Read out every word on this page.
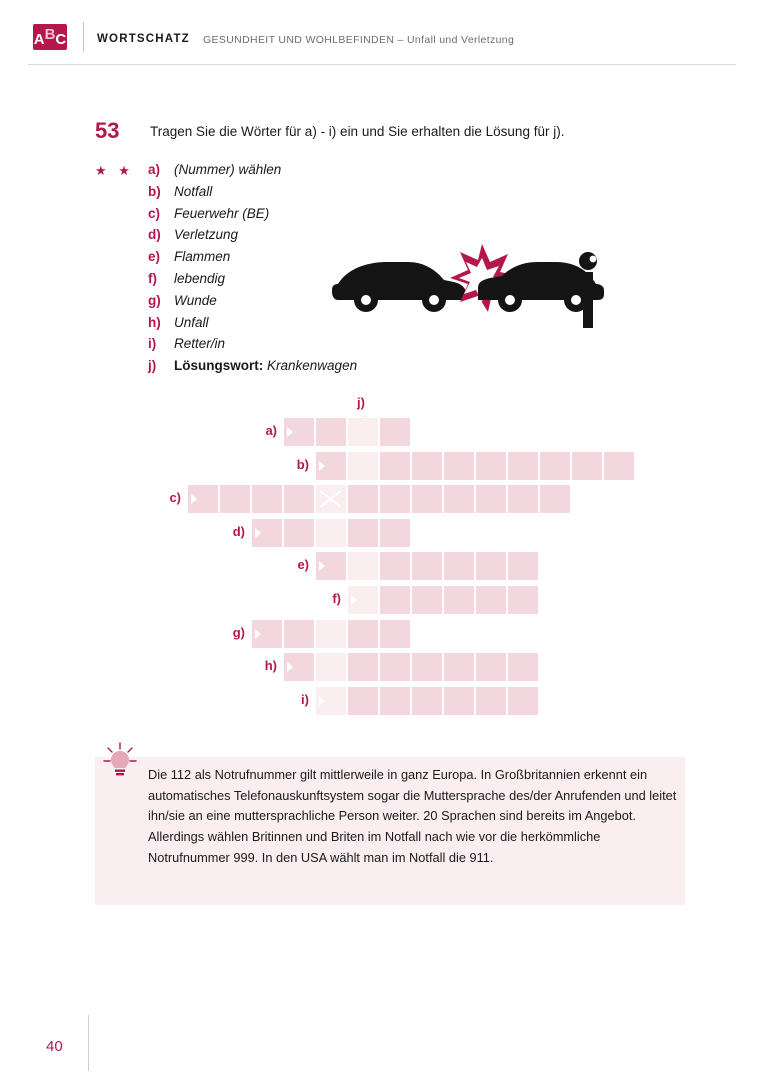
A B C	WORTSCHATZ GESUNDHEIT UND WOHLBEFINDEN – Unfall und Verletzung
53 Tragen Sie die Wörter für a) - i) ein und Sie erhalten die Lösung für j).
★ ★ a)	(Nummer) wählen
b) Notfall
c)	Feuerwehr (BE)
d) Verletzung
e)	Flammen
f)	lebendig
g) Wunde
h) Unfall
i)	Retter/in
j)	Lösungswort: Krankenwagen
j)
a)
b)
c)
d)
e)
f)
g)
h)
i)
Die 112 als Notrufnummer gilt mittlerweile in ganz Europa. In Großbritannien erkennt ein automatisches Telefonauskunftsystem sogar die Muttersprache des/der Anrufenden und leitet ihn/sie an eine muttersprachliche Person weiter. 20 Sprachen sind bereits im Angebot.
Allerdings wählen Britinnen und Briten im Notfall nach wie vor die herkömmliche Notrufnummer 999. In den USA wählt man im Notfall die 911.
40
